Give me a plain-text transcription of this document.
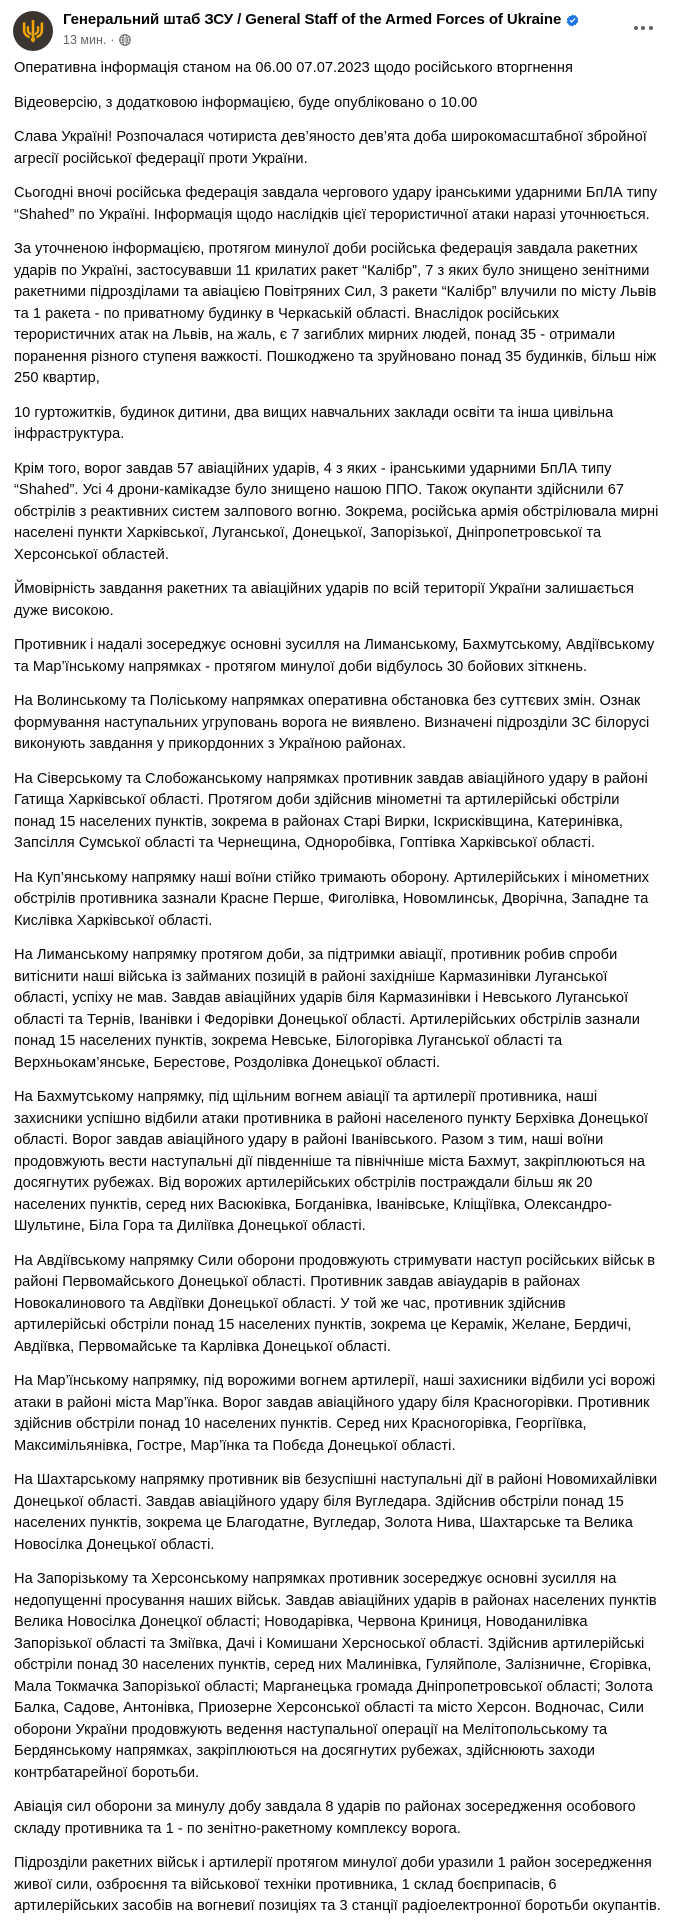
Генеральний штаб ЗСУ / General Staff of the Armed Forces of Ukraine
13 мин. ·

Оперативна інформація станом на 06.00 07.07.2023 щодо російського вторгнення

Відеоверсію, з додатковою інформацією, буде опубліковано о 10.00

Слава Україні! Розпочалася чотириста дев’яносто дев’ята доба широкомасштабної збройної агресії російської федерації проти України.

Сьогодні вночі російська федерація завдала чергового удару іранськими ударними БпЛА типу “Shahed” по Україні. Інформація щодо наслідків цієї терористичної атаки наразі уточнюється.

За уточненою інформацією, протягом минулої доби російська федерація завдала ракетних ударів по Україні, застосувавши 11 крилатих ракет “Калібр”, 7 з яких було знищено зенітними ракетними підрозділами та авіацією Повітряних Сил, 3 ракети “Калібр” влучили по місту Львів та 1 ракета - по приватному будинку в Черкаській області. Внаслідок російських терористичних атак на Львів, на жаль, є 7 загиблих мирних людей, понад 35 - отримали поранення різного ступеня важкості. Пошкоджено та зруйновано понад 35 будинків, більш ніж 250 квартир,

10 гуртожитків, будинок дитини, два вищих навчальних заклади освіти та інша цивільна інфраструктура.

Крім того, ворог завдав 57 авіаційних ударів, 4 з яких - іранськими ударними БпЛА типу “Shahed”. Усі 4 дрони-камікадзе було знищено нашою ППО. Також окупанти здійснили 67 обстрілів з реактивних систем залпового вогню. Зокрема, російська армія обстрілювала мирні населені пункти Харківської, Луганської, Донецької, Запорізької, Дніпропетровської та Херсонської областей.

Ймовірність завдання ракетних та авіаційних ударів по всій території України залишається дуже високою.

Противник і надалі зосереджує основні зусилля на Лиманському, Бахмутському, Авдіївському та Мар’їнському напрямках - протягом минулої доби відбулось 30 бойових зіткнень.

На Волинському та Поліському напрямках оперативна обстановка без суттєвих змін. Ознак формування наступальних угруповань ворога не виявлено. Визначені підрозділи ЗС білорусі виконують завдання у прикордонних з Україною районах.

На Сіверському та Слобожанському напрямках противник завдав авіаційного удару в районі Гатища Харківської області. Протягом доби здійснив мінометні та артилерійські обстріли понад 15 населених пунктів, зокрема в районах Старі Вирки, Іскрисківщина, Катеринівка, Запсілля Сумської області та Чернещина, Одноробівка, Гоптівка Харківської області.

На Куп’янському напрямку наші воїни стійко тримають оборону. Артилерійських і мінометних обстрілів противника зазнали Красне Перше, Фиголівка, Новомлинськ, Дворічна, Западне та Кислівка Харківської області.

На Лиманському напрямку протягом доби, за підтримки авіації, противник робив спроби витіснити наші війська із займаних позицій в районі західніше Кармазинівки Луганської області, успіху не мав. Завдав авіаційних ударів біля Кармазинівки і Невського Луганської області та Тернів, Іванівки і Федорівки Донецької області. Артилерійських обстрілів зазнали понад 15 населених пунктів, зокрема Невське, Білогорівка Луганської області та Верхньокам’янське, Берестове, Роздолівка Донецької області.

На Бахмутському напрямку, під щільним вогнем авіації та артилерії противника, наші захисники успішно відбили атаки противника в районі населеного пункту Берхівка Донецької області. Ворог завдав авіаційного удару в районі Іванівського. Разом з тим, наші воїни продовжують вести наступальні дії південніше та північніше міста Бахмут, закріплюються на досягнутих рубежах. Від ворожих артилерійських обстрілів постраждали більш як 20 населених пунктів, серед них Васюківка, Богданівка, Іванівське, Кліщіївка, Олександро-Шультине, Біла Гора та Диліївка Донецької області.

На Авдіївському напрямку Сили оборони продовжують стримувати наступ російських військ в районі Первомайського Донецької області. Противник завдав авіаударів в районах Новокалинового та Авдіївки Донецької області. У той же час, противник здійснив артилерійські обстріли понад 15 населених пунктів, зокрема це Керамік, Желане, Бердичі, Авдіївка, Первомайське та Карлівка Донецької області.

На Мар’їнському напрямку, під ворожими вогнем артилерії, наші захисники відбили усі ворожі атаки в районі міста Мар’їнка. Ворог завдав авіаційного удару біля Красногорівки. Противник здійснив обстріли понад 10 населених пунктів. Серед них Красногорівка, Георгіївка, Максимільянівка, Гостре, Мар’їнка та Побєда Донецької області.

На Шахтарському напрямку противник вів безуспішні наступальні дії в районі Новомихайлівки Донецької області. Завдав авіаційного удару біля Вугледара. Здійснив обстріли понад 15 населених пунктів, зокрема це Благодатне, Вугледар, Золота Нива, Шахтарське та Велика Новосілка Донецької області.

На Запорізькому та Херсонському напрямках противник зосереджує основні зусилля на недопущенні просування наших військ. Завдав авіаційних ударів в районах населених пунктів Велика Новосілка Донецкої області; Новодарівка, Червона Криниця, Новоданилівка Запорізької області та Зміївка, Дачі і Комишани Херсноської області. Здійснив артилерійські обстріли понад 30 населених пунктів, серед них Малинівка, Гуляйполе, Залізничне, Єгорівка, Мала Токмачка Запорізької області; Марганецька громада Дніпропетровської області; Золота Балка, Садове, Антонівка, Приозерне Херсонської області та місто Херсон. Водночас, Сили оборони України продовжують ведення наступальної операції на Мелітопольському та Бердянському напрямках, закріплюються на досягнутих рубежах, здійснюють заходи контрбатарейної боротьби.

Авіація сил оборони за минулу добу завдала 8 ударів по районах зосередження особового складу противника та 1 - по зенітно-ракетному комплексу ворога.

Підрозділи ракетних військ і артилерії протягом минулої доби уразили 1 район зосередження живої сили, озброєння та військової техніки противника, 1 склад боєприпасів, 6 артилерійських засобів на вогневиї позиціях та 3 станції радіоелектронної боротьби окупантів.
